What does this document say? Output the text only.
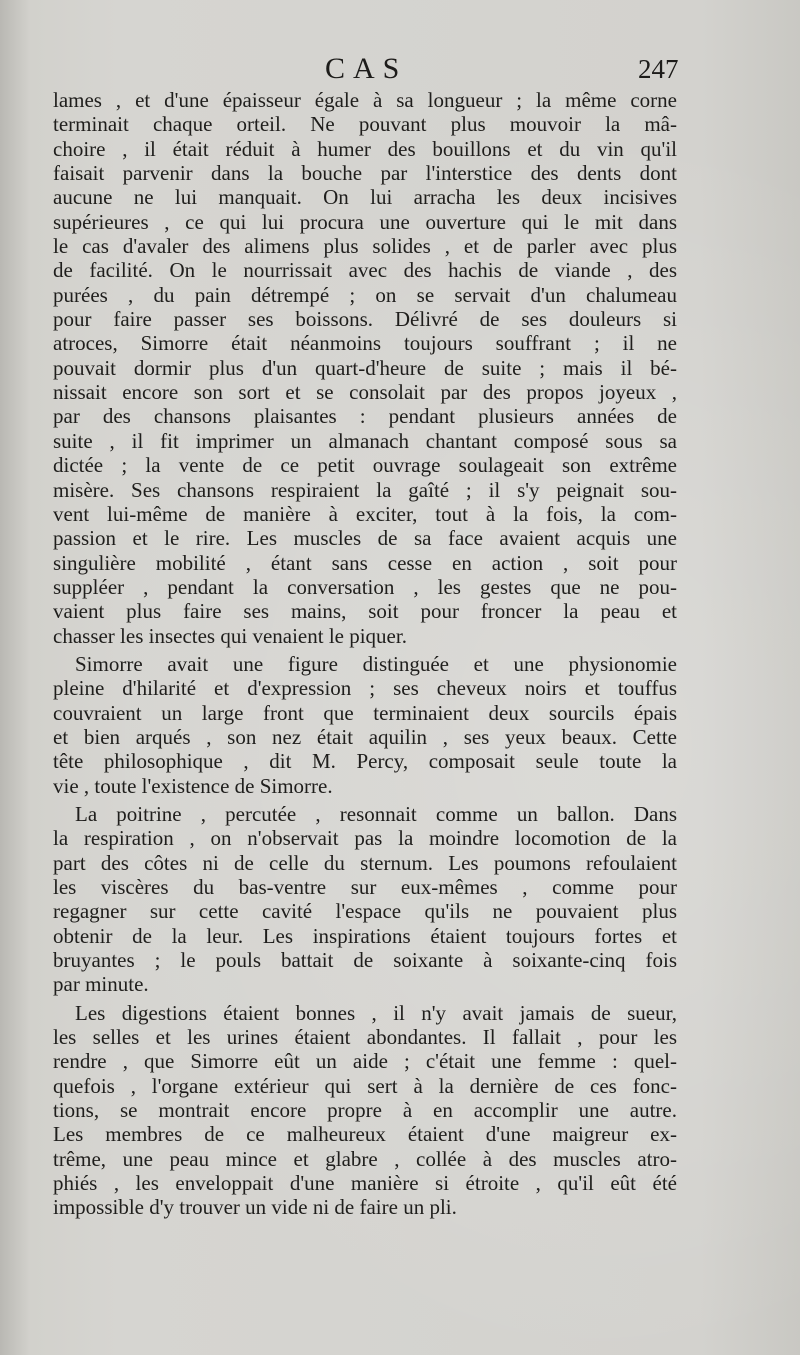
CAS	247

lames , et d'une épaisseur égale à sa longueur ; la même corne
terminait chaque orteil. Ne pouvant plus mouvoir la mâ-
choire , il était réduit à humer des bouillons et du vin qu'il
faisait parvenir dans la bouche par l'interstice des dents dont
aucune ne lui manquait. On lui arracha les deux incisives
supérieures , ce qui lui procura une ouverture qui le mit dans
le cas d'avaler des alimens plus solides , et de parler avec plus
de facilité. On le nourrissait avec des hachis de viande , des
purées , du pain détrempé ; on se servait d'un chalumeau
pour faire passer ses boissons. Délivré de ses douleurs si
atroces, Simorre était néanmoins toujours souffrant ; il ne
pouvait dormir plus d'un quart-d'heure de suite ; mais il bé-
nissait encore son sort et se consolait par des propos joyeux ,
par des chansons plaisantes : pendant plusieurs années de
suite , il fit imprimer un almanach chantant composé sous sa
dictée ; la vente de ce petit ouvrage soulageait son extrême
misère. Ses chansons respiraient la gaîté ; il s'y peignait sou-
vent lui-même de manière à exciter, tout à la fois, la com-
passion et le rire. Les muscles de sa face avaient acquis une
singulière mobilité , étant sans cesse en action , soit pour
suppléer , pendant la conversation , les gestes que ne pou-
vaient plus faire ses mains, soit pour froncer la peau et
chasser les insectes qui venaient le piquer.

Simorre avait une figure distinguée et une physionomie
pleine d'hilarité et d'expression ; ses cheveux noirs et touffus
couvraient un large front que terminaient deux sourcils épais
et bien arqués , son nez était aquilin , ses yeux beaux. Cette
tête philosophique , dit M. Percy, composait seule toute la
vie , toute l'existence de Simorre.

La poitrine , percutée , resonnait comme un ballon. Dans
la respiration , on n'observait pas la moindre locomotion de la
part des côtes ni de celle du sternum. Les poumons refoulaient
les viscères du bas-ventre sur eux-mêmes , comme pour
regagner sur cette cavité l'espace qu'ils ne pouvaient plus
obtenir de la leur. Les inspirations étaient toujours fortes et
bruyantes ; le pouls battait de soixante à soixante-cinq fois
par minute.

Les digestions étaient bonnes , il n'y avait jamais de sueur,
les selles et les urines étaient abondantes. Il fallait , pour les
rendre , que Simorre eût un aide ; c'était une femme : quel-
quefois , l'organe extérieur qui sert à la dernière de ces fonc-
tions, se montrait encore propre à en accomplir une autre.
Les membres de ce malheureux étaient d'une maigreur ex-
trême, une peau mince et glabre , collée à des muscles atro-
phiés , les enveloppait d'une manière si étroite , qu'il eût été
impossible d'y trouver un vide ni de faire un pli.
